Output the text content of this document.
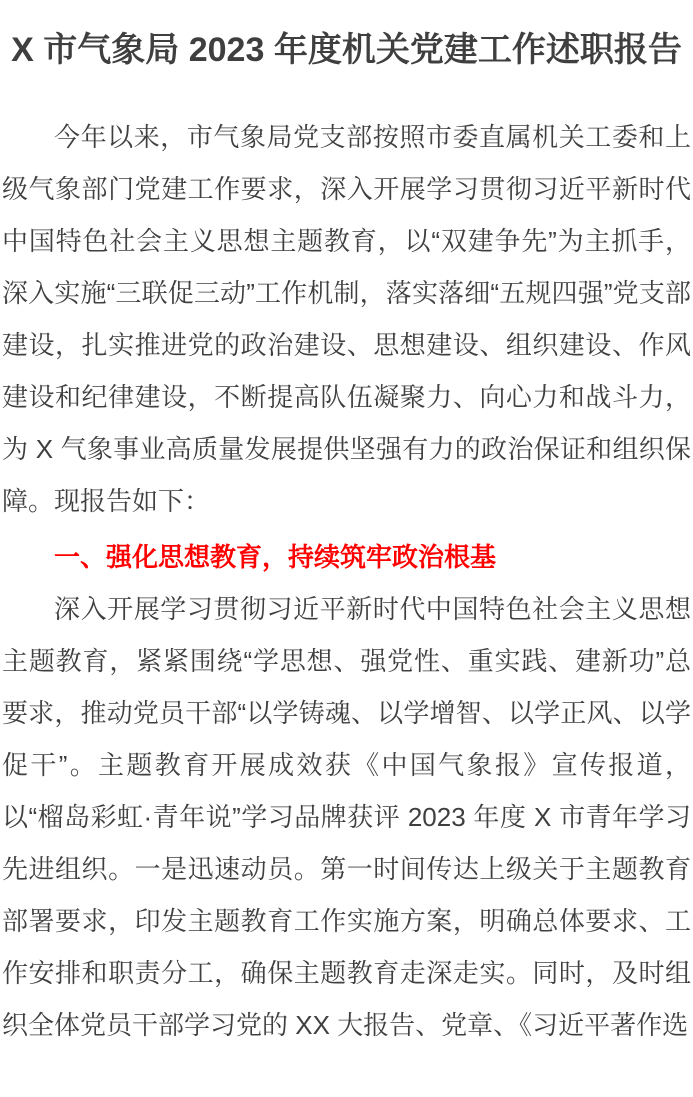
X 市气象局 2023 年度机关党建工作述职报告

今年以来，市气象局党支部按照市委直属机关工委和上级气象部门党建工作要求，深入开展学习贯彻习近平新时代中国特色社会主义思想主题教育，以“双建争先”为主抓手，深入实施“三联促三动”工作机制，落实落细“五规四强”党支部建设，扎实推进党的政治建设、思想建设、组织建设、作风建设和纪律建设，不断提高队伍凝聚力、向心力和战斗力，为 X 气象事业高质量发展提供坚强有力的政治保证和组织保障。现报告如下：

一、强化思想教育，持续筑牢政治根基

深入开展学习贯彻习近平新时代中国特色社会主义思想主题教育，紧紧围绕“学思想、强党性、重实践、建新功”总要求，推动党员干部“以学铸魂、以学增智、以学正风、以学促干”。主题教育开展成效获《中国气象报》宣传报道，以“榴岛彩虹·青年说”学习品牌获评 2023 年度 X 市青年学习先进组织。一是迅速动员。第一时间传达上级关于主题教育部署要求，印发主题教育工作实施方案，明确总体要求、工作安排和职责分工，确保主题教育走深走实。同时，及时组织全体党员干部学习党的 XX 大报告、党章、《习近平著作选
